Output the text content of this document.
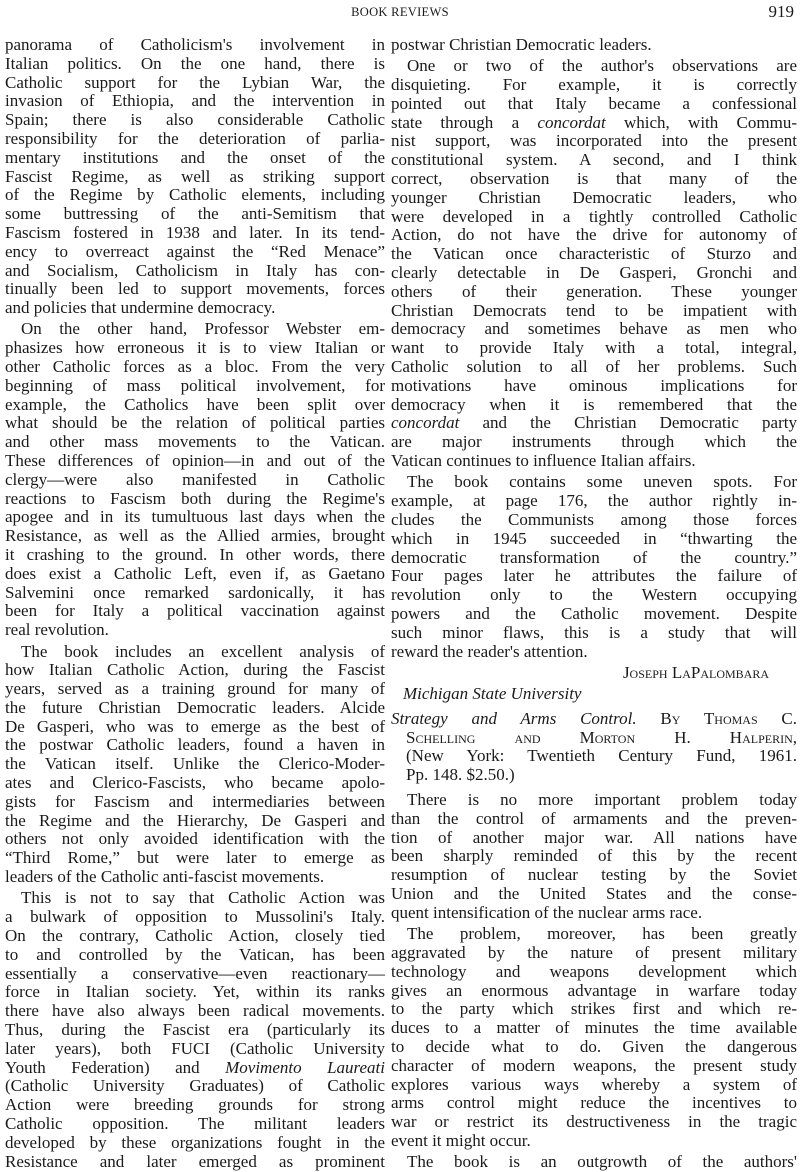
BOOK REVIEWS	919
panorama of Catholicism's involvement in
Italian politics. On the one hand, there is
Catholic support for the Lybian War, the
invasion of Ethiopia, and the intervention in
Spain; there is also considerable Catholic
responsibility for the deterioration of parlia-
mentary institutions and the onset of the
Fascist Regime, as well as striking support
of the Regime by Catholic elements, including
some buttressing of the anti-Semitism that
Fascism fostered in 1938 and later. In its tend-
ency to overreact against the “Red Menace”
and Socialism, Catholicism in Italy has con-
tinually been led to support movements, forces
and policies that undermine democracy.
On the other hand, Professor Webster em-
phasizes how erroneous it is to view Italian or
other Catholic forces as a bloc. From the very
beginning of mass political involvement, for
example, the Catholics have been split over
what should be the relation of political parties
and other mass movements to the Vatican.
These differences of opinion—in and out of the
clergy—were also manifested in Catholic
reactions to Fascism both during the Regime's
apogee and in its tumultuous last days when the
Resistance, as well as the Allied armies, brought
it crashing to the ground. In other words, there
does exist a Catholic Left, even if, as Gaetano
Salvemini once remarked sardonically, it has
been for Italy a political vaccination against
real revolution.
The book includes an excellent analysis of
how Italian Catholic Action, during the Fascist
years, served as a training ground for many of
the future Christian Democratic leaders. Alcide
De Gasperi, who was to emerge as the best of
the postwar Catholic leaders, found a haven in
the Vatican itself. Unlike the Clerico-Moder-
ates and Clerico-Fascists, who became apolo-
gists for Fascism and intermediaries between
the Regime and the Hierarchy, De Gasperi and
others not only avoided identification with the
“Third Rome,” but were later to emerge as
leaders of the Catholic anti-fascist movements.
This is not to say that Catholic Action was
a bulwark of opposition to Mussolini's Italy.
On the contrary, Catholic Action, closely tied
to and controlled by the Vatican, has been
essentially a conservative—even reactionary—
force in Italian society. Yet, within its ranks
there have also always been radical movements.
Thus, during the Fascist era (particularly its
later years), both FUCI (Catholic University
Youth Federation) and Movimento Laureati
(Catholic University Graduates) of Catholic
Action were breeding grounds for strong
Catholic opposition. The militant leaders
developed by these organizations fought in the
Resistance and later emerged as prominent
postwar Christian Democratic leaders.
One or two of the author's observations are
disquieting. For example, it is correctly
pointed out that Italy became a confessional
state through a concordat which, with Commu-
nist support, was incorporated into the present
constitutional system. A second, and I think
correct, observation is that many of the
younger Christian Democratic leaders, who
were developed in a tightly controlled Catholic
Action, do not have the drive for autonomy of
the Vatican once characteristic of Sturzo and
clearly detectable in De Gasperi, Gronchi and
others of their generation. These younger
Christian Democrats tend to be impatient with
democracy and sometimes behave as men who
want to provide Italy with a total, integral,
Catholic solution to all of her problems. Such
motivations have ominous implications for
democracy when it is remembered that the
concordat and the Christian Democratic party
are major instruments through which the
Vatican continues to influence Italian affairs.
The book contains some uneven spots. For
example, at page 176, the author rightly in-
cludes the Communists among those forces
which in 1945 succeeded in “thwarting the
democratic transformation of the country.”
Four pages later he attributes the failure of
revolution only to the Western occupying
powers and the Catholic movement. Despite
such minor flaws, this is a study that will
reward the reader's attention.
Joseph LaPalombara
Michigan State University
Strategy and Arms Control. By Thomas C.
Schelling and Morton H. Halperin,
(New York: Twentieth Century Fund, 1961.
Pp. 148. $2.50.)
There is no more important problem today
than the control of armaments and the preven-
tion of another major war. All nations have
been sharply reminded of this by the recent
resumption of nuclear testing by the Soviet
Union and the United States and the conse-
quent intensification of the nuclear arms race.
The problem, moreover, has been greatly
aggravated by the nature of present military
technology and weapons development which
gives an enormous advantage in warfare today
to the party which strikes first and which re-
duces to a matter of minutes the time available
to decide what to do. Given the dangerous
character of modern weapons, the present study
explores various ways whereby a system of
arms control might reduce the incentives to
war or restrict its destructiveness in the tragic
event it might occur.
The book is an outgrowth of the authors'
